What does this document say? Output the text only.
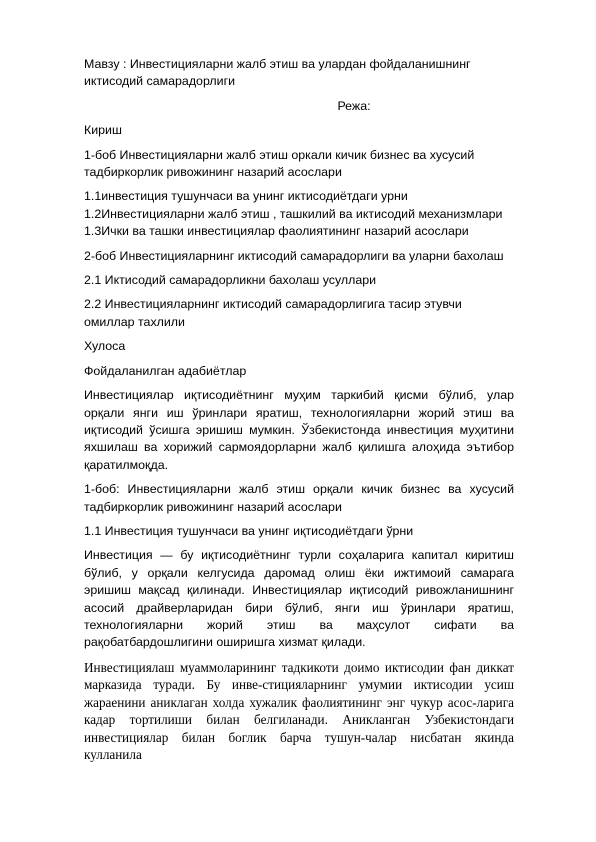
Мавзу : Инвестицияларни жалб этиш ва улардан фойдаланишнинг иктисодий самарадорлиги

Режа:

Кириш

1-боб Инвестицияларни жалб этиш оркали кичик бизнес ва хусусий тадбиркорлик ривожининг назарий асослари

1.1инвестиция тушунчаси ва унинг иктисодиётдаги урни

1.2Инвестицияларни жалб этиш , ташкилий ва иктисодий механизмлари

1.3Ички ва ташки инвестициялар фаолиятининг назарий асослари

2-боб Инвестицияларнинг иктисодий самарадорлиги ва уларни бахолаш

2.1 Иктисодий самарадорликни бахолаш усуллари

2.2 Инвестицияларнинг иктисодий самарадорлигига тасир этувчи омиллар тахлили

Хулоса

Фойдаланилган адабиётлар

Инвестициялар иқтисодиётнинг муҳим таркибий қисми бўлиб, улар орқали янги иш ўринлари яратиш, технологияларни жорий этиш ва иқтисодий ўсишга эришиш мумкин. Ўзбекистонда инвестиция муҳитини яхшилаш ва хорижий сармоядорларни жалб қилишга алоҳида эътибор қаратилмоқда.

1-боб: Инвестицияларни жалб этиш орқали кичик бизнес ва хусусий тадбиркорлик ривожининг назарий асослари

1.1 Инвестиция тушунчаси ва унинг иқтисодиётдаги ўрни

Инвестиция — бу иқтисодиётнинг турли соҳаларига капитал киритиш бўлиб, у орқали келгусида даромад олиш ёки ижтимоий самарага эришиш мақсад қилинади. Инвестициялар иқтисодий ривожланишнинг асосий драйверларидан бири бўлиб, янги иш ўринлари яратиш, технологияларни жорий этиш ва маҳсулот сифати ва рақобатбардошлигини оширишга хизмат қилади.

Инвестициялаш муаммоларининг тадкикоти доимо иктисодии фан диккат марказида туради. Бу инве-стицияларнинг умумии иктисодии усиш жараенини аниклаган холда хужалик фаолиятининг энг чукур асос-ларига кадар тортилиши билан белгиланади. Аникланган Узбекистондаги инвестициялар билан боглик барча тушун-чалар нисбатан якинда кулланила
